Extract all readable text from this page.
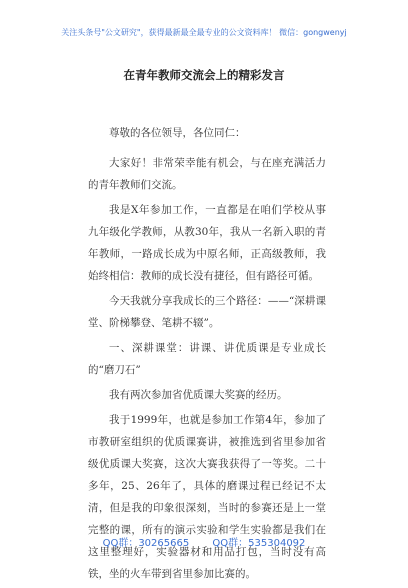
关注头条号"公文研究"，获得最新最全最专业的公文资料库！ 微信：gongwenyj
在青年教师交流会上的精彩发言

尊敬的各位领导，各位同仁：

大家好！非常荣幸能有机会，与在座充满活力的青年教师们交流。

我是X年参加工作，一直都是在咱们学校从事九年级化学教师，从教30年，我从一名新入职的青年教师，一路成长成为中原名师，正高级教师，我始终相信：教师的成长没有捷径，但有路径可循。

今天我就分享我成长的三个路径：——“深耕课堂、阶梯攀登、笔耕不辍”。

一、深耕课堂：讲课、讲优质课是专业成长的“磨刀石”

我有两次参加省优质课大奖赛的经历。

我于1999年，也就是参加工作第4年，参加了市教研室组织的优质课赛讲，被推选到省里参加省级优质课大奖赛，这次大赛我获得了一等奖。二十多年，25、26年了，具体的磨课过程已经记不太清，但是我的印象很深刻，当时的参赛还是上一堂完整的课，所有的演示实验和学生实验都是我们在这里整理好，实验器材和用品打包，当时没有高铁，坐的火车带到省里参加比赛的。

QQ群：30265665 QQ群：535304092
